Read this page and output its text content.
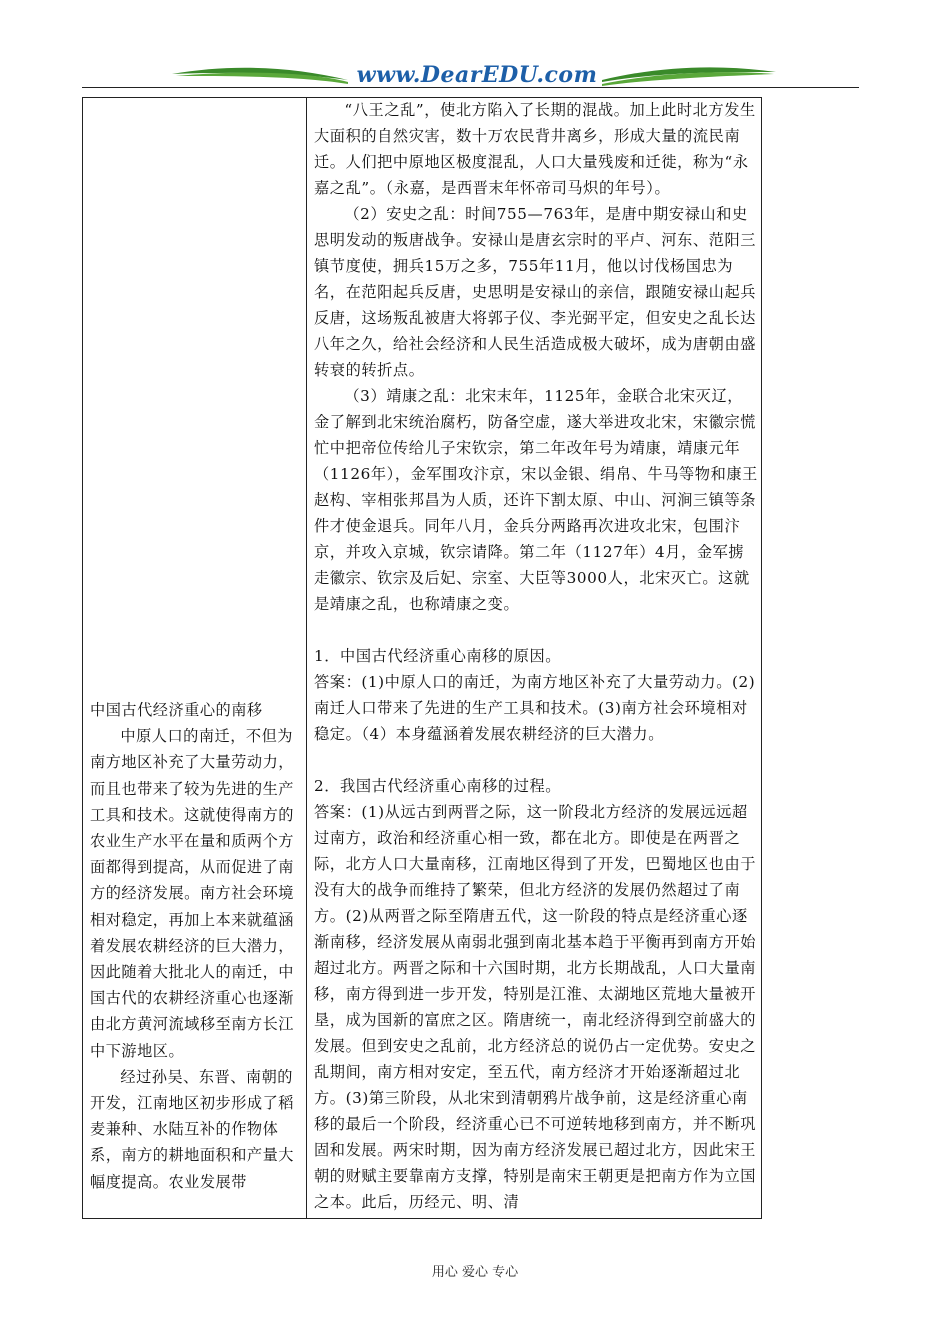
www.DearEDU.com

中国古代经济重心的南移

中原人口的南迁，不但为南方地区补充了大量劳动力，而且也带来了较为先进的生产工具和技术。这就使得南方的农业生产水平在量和质两个方面都得到提高，从而促进了南方的经济发展。南方社会环境相对稳定，再加上本来就蕴涵着发展农耕经济的巨大潜力，因此随着大批北人的南迁，中国古代的农耕经济重心也逐渐由北方黄河流域移至南方长江中下游地区。

经过孙吴、东晋、南朝的开发，江南地区初步形成了稻麦兼种、水陆互补的作物体系，南方的耕地面积和产量大幅度提高。农业发展带

“八王之乱”，使北方陷入了长期的混战。加上此时北方发生大面积的自然灾害，数十万农民背井离乡，形成大量的流民南迁。人们把中原地区极度混乱，人口大量残废和迁徙，称为“永嘉之乱”。（永嘉，是西晋末年怀帝司马炽的年号）。

（2）安史之乱：时间755—763年，是唐中期安禄山和史思明发动的叛唐战争。安禄山是唐玄宗时的平卢、河东、范阳三镇节度使，拥兵15万之多，755年11月，他以讨伐杨国忠为名，在范阳起兵反唐，史思明是安禄山的亲信，跟随安禄山起兵反唐，这场叛乱被唐大将郭子仪、李光弼平定，但安史之乱长达八年之久，给社会经济和人民生活造成极大破坏，成为唐朝由盛转衰的转折点。

（3）靖康之乱：北宋末年，1125年，金联合北宋灭辽，金了解到北宋统治腐朽，防备空虚，遂大举进攻北宋，宋徽宗慌忙中把帝位传给儿子宋钦宗，第二年改年号为靖康，靖康元年（1126年），金军围攻汴京，宋以金银、绢帛、牛马等物和康王赵构、宰相张邦昌为人质，还许下割太原、中山、河涧三镇等条件才使金退兵。同年八月，金兵分两路再次进攻北宋，包围汴京，并攻入京城，钦宗请降。第二年（1127年）4月，金军掳走徽宗、钦宗及后妃、宗室、大臣等3000人，北宋灭亡。这就是靖康之乱，也称靖康之变。

1．中国古代经济重心南移的原因。

答案：(1)中原人口的南迁，为南方地区补充了大量劳动力。(2)南迁人口带来了先进的生产工具和技术。(3)南方社会环境相对稳定。（4）本身蕴涵着发展农耕经济的巨大潜力。

2．我国古代经济重心南移的过程。

答案：(1)从远古到两晋之际，这一阶段北方经济的发展远远超过南方，政治和经济重心相一致，都在北方。即使是在两晋之际，北方人口大量南移，江南地区得到了开发，巴蜀地区也由于没有大的战争而维持了繁荣，但北方经济的发展仍然超过了南方。(2)从两晋之际至隋唐五代，这一阶段的特点是经济重心逐渐南移，经济发展从南弱北强到南北基本趋于平衡再到南方开始超过北方。两晋之际和十六国时期，北方长期战乱，人口大量南移，南方得到进一步开发，特别是江淮、太湖地区荒地大量被开垦，成为国新的富庶之区。隋唐统一，南北经济得到空前盛大的发展。但到安史之乱前，北方经济总的说仍占一定优势。安史之乱期间，南方相对安定，至五代，南方经济才开始逐渐超过北方。(3)第三阶段，从北宋到清朝鸦片战争前，这是经济重心南移的最后一个阶段，经济重心已不可逆转地移到南方，并不断巩固和发展。两宋时期，因为南方经济发展已超过北方，因此宋王朝的财赋主要靠南方支撑，特别是南宋王朝更是把南方作为立国之本。此后，历经元、明、清

用心 爱心 专心
